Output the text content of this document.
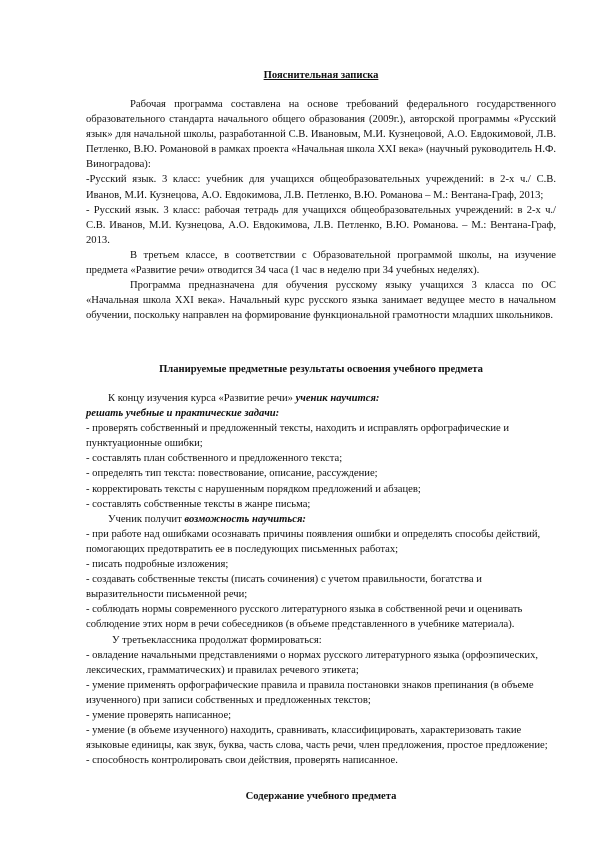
Пояснительная записка

Рабочая программа составлена на основе требований федерального государственного образовательного стандарта начального общего образования (2009г.), авторской программы «Русский язык» для начальной школы, разработанной С.В. Ивановым, М.И. Кузнецовой, А.О. Евдокимовой, Л.В. Петленко, В.Ю. Романовой в рамках проекта «Начальная школа XXI века» (научный руководитель Н.Ф. Виноградова):

-Русский язык. 3 класс: учебник для учащихся общеобразовательных учреждений: в 2-х ч./ С.В. Иванов, М.И. Кузнецова, А.О. Евдокимова, Л.В. Петленко, В.Ю. Романова – М.: Вентана-Граф, 2013;

- Русский язык. 3 класс: рабочая тетрадь для учащихся общеобразовательных учреждений: в 2-х ч./ С.В. Иванов, М.И. Кузнецова, А.О. Евдокимова, Л.В. Петленко, В.Ю. Романова. – М.: Вентана-Граф, 2013.

В третьем классе, в соответствии с Образовательной программой школы, на изучение предмета «Развитие речи» отводится 34 часа (1 час в неделю при 34 учебных неделях).

Программа предназначена для обучения русскому языку учащихся 3 класса по ОС «Начальная школа XXI века». Начальный курс русского языка занимает ведущее место в начальном обучении, поскольку направлен на формирование функциональной грамотности младших школьников.

Планируемые предметные результаты освоения учебного предмета

К концу изучения курса «Развитие речи» ученик научится:

решать учебные и практические задачи:

- проверять собственный и предложенный тексты, находить и исправлять орфографические и пунктуационные ошибки;

- составлять план собственного и предложенного текста;

- определять тип текста: повествование, описание, рассуждение;

- корректировать тексты с нарушенным порядком предложений и абзацев;

- составлять собственные тексты в жанре письма;

Ученик получит возможность научиться:

- при работе над ошибками осознавать причины появления ошибки и определять способы действий, помогающих предотвратить ее в последующих письменных работах;

- писать подробные изложения;

- создавать собственные тексты (писать сочинения) с учетом правильности, богатства и выразительности письменной речи;

- соблюдать нормы современного русского литературного языка в собственной речи и оценивать соблюдение этих норм в речи собеседников (в объеме представленного в учебнике материала).

У третьеклассника продолжат формироваться:

- овладение начальными представлениями о нормах русского литературного языка (орфоэпических, лексических, грамматических) и правилах речевого этикета;

- умение применять орфографические правила и правила постановки знаков препинания (в объеме изученного) при записи собственных и предложенных текстов;

- умение проверять написанное;

- умение (в объеме изученного) находить, сравнивать, классифицировать, характеризовать такие языковые единицы, как звук, буква, часть слова, часть речи, член предложения, простое предложение;

- способность контролировать свои действия, проверять написанное.

Содержание учебного предмета
